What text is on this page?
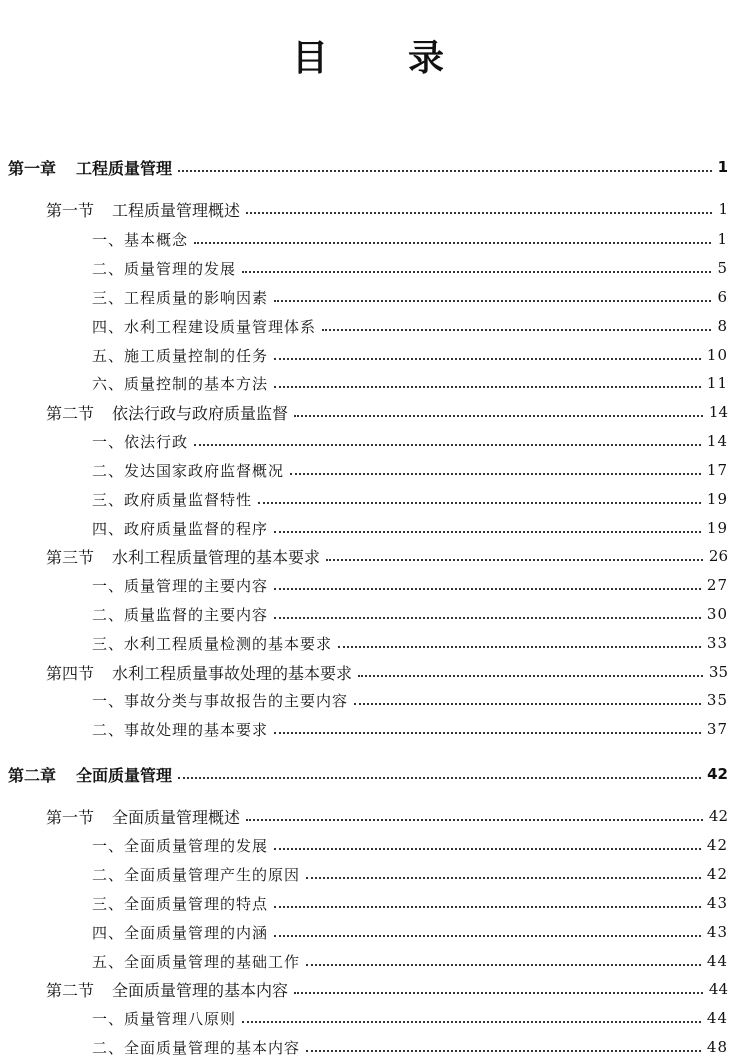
目 录
第一章 工程质量管理	1
第一节 工程质量管理概述	1
一、基本概念	1
二、质量管理的发展	5
三、工程质量的影响因素	6
四、水利工程建设质量管理体系	8
五、施工质量控制的任务	10
六、质量控制的基本方法	11
第二节 依法行政与政府质量监督	14
一、依法行政	14
二、发达国家政府监督概况	17
三、政府质量监督特性	19
四、政府质量监督的程序	19
第三节 水利工程质量管理的基本要求	26
一、质量管理的主要内容	27
二、质量监督的主要内容	30
三、水利工程质量检测的基本要求	33
第四节 水利工程质量事故处理的基本要求	35
一、事故分类与事故报告的主要内容	35
二、事故处理的基本要求	37
第二章 全面质量管理	42
第一节 全面质量管理概述	42
一、全面质量管理的发展	42
二、全面质量管理产生的原因	42
三、全面质量管理的特点	43
四、全面质量管理的内涵	43
五、全面质量管理的基础工作	44
第二节 全面质量管理的基本内容	44
一、质量管理八原则	44
二、全面质量管理的基本内容	48
